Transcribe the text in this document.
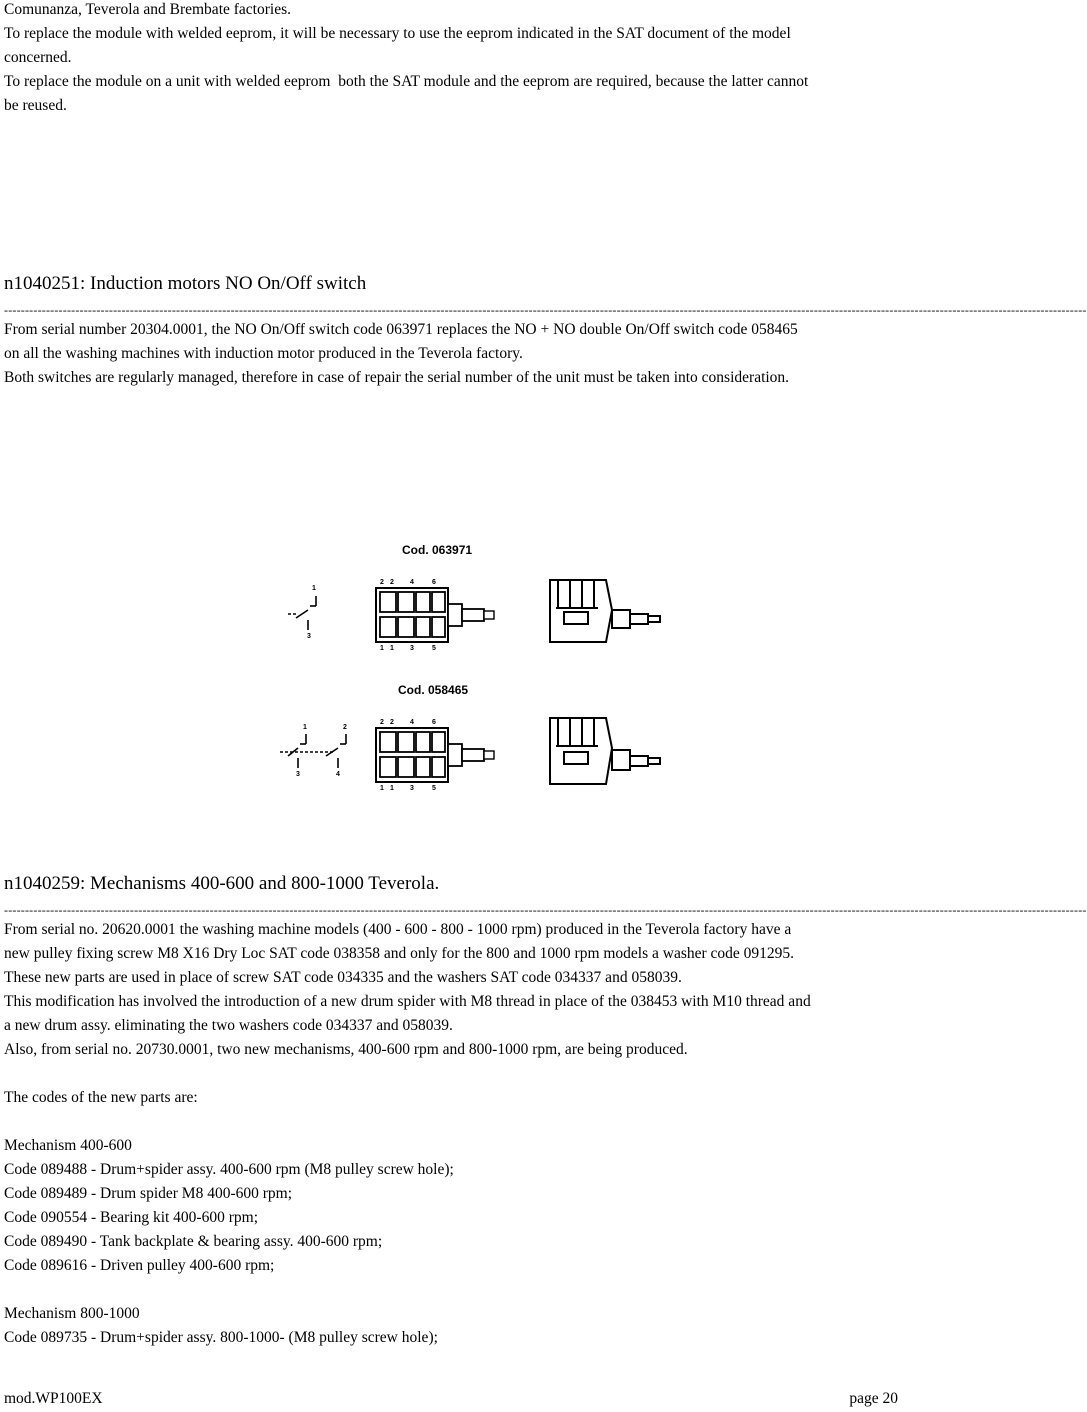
Comunanza, Teverola and Brembate factories.

To replace the module with welded eeprom, it will be necessary to use the eeprom indicated in the SAT document of the model

concerned.

To replace the module on a unit with welded eeprom  both the SAT module and the eeprom are required, because the latter cannot

be reused.

n1040251: Induction motors NO On/Off switch

------------------------------------------------------------------------------------------------------------------------------------------------------------------------------------------------------------------------------------------------------------------

From serial number 20304.0001, the NO On/Off switch code 063971 replaces the NO + NO double On/Off switch code 058465

on all the washing machines with induction motor produced in the Teverola factory.

Both switches are regularly managed, therefore in case of repair the serial number of the unit must be taken into consideration.

n1040259: Mechanisms 400-600 and 800-1000 Teverola.

------------------------------------------------------------------------------------------------------------------------------------------------------------------------------------------------------------------------------------------------------------------

From serial no. 20620.0001 the washing machine models (400 - 600 - 800 - 1000 rpm) produced in the Teverola factory have a

new pulley fixing screw M8 X16 Dry Loc SAT code 038358 and only for the 800 and 1000 rpm models a washer code 091295.

These new parts are used in place of screw SAT code 034335 and the washers SAT code 034337 and 058039.

This modification has involved the introduction of a new drum spider with M8 thread in place of the 038453 with M10 thread and

a new drum assy. eliminating the two washers code 034337 and 058039.

Also, from serial no. 20730.0001, two new mechanisms, 400-600 rpm and 800-1000 rpm, are being produced.

The codes of the new parts are:

Mechanism 400-600

Code 089488 - Drum+spider assy. 400-600 rpm (M8 pulley screw hole);

Code 089489 - Drum spider M8 400-600 rpm;

Code 090554 - Bearing kit 400-600 rpm;

Code 089490 - Tank backplate & bearing assy. 400-600 rpm;

Code 089616 - Driven pulley 400-600 rpm;

Mechanism 800-1000

Code 089735 - Drum+spider assy. 800-1000- (M8 pulley screw hole);

Cod. 063971
1
3
2 2 4	6
1 1 3	5
Cod. 058465
1	2
3	4
2 2 4	6
1 1 3	5
mod.WP100EX	page 20
